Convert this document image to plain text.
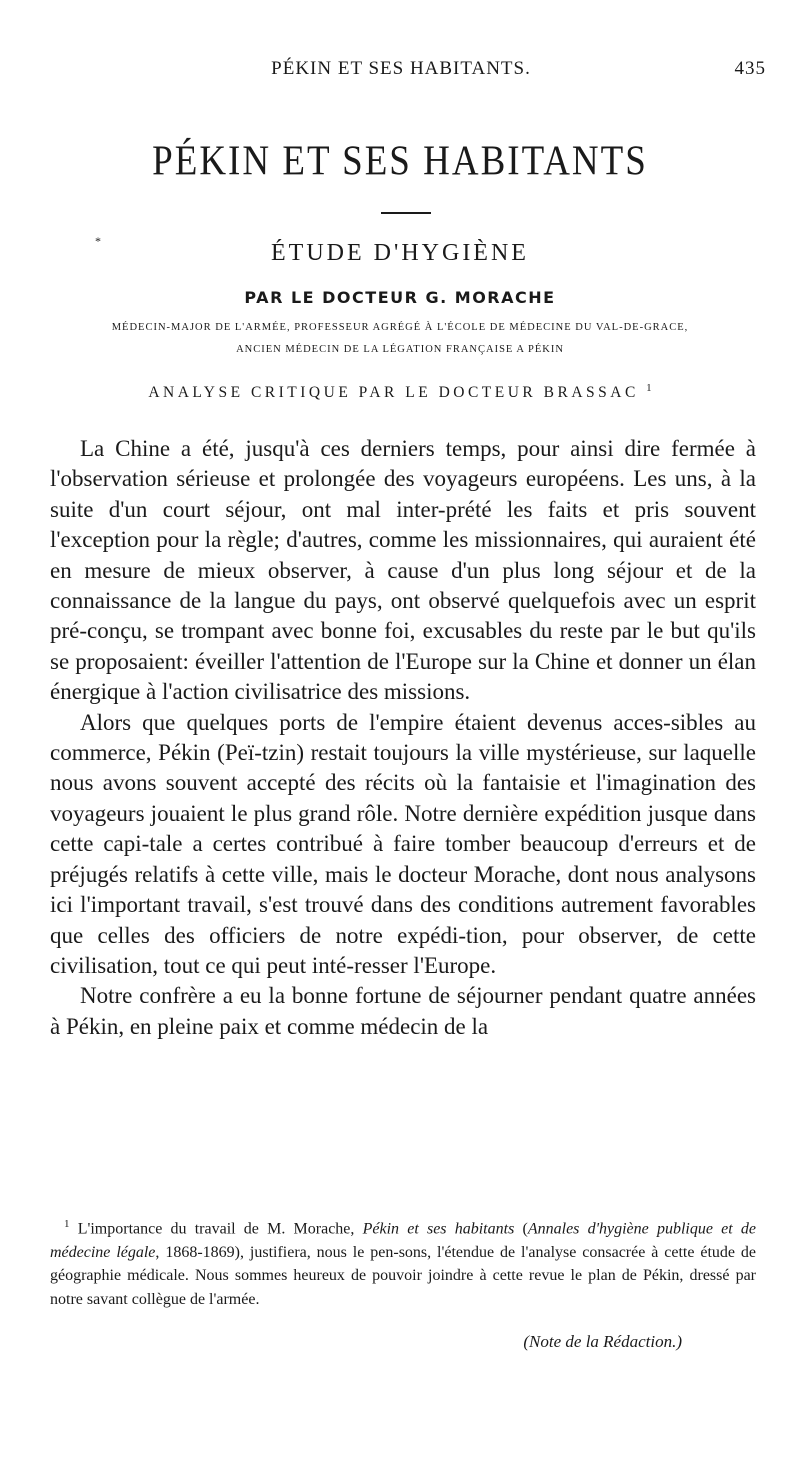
PÉKIN ET SES HABITANTS.	435
PÉKIN ET SES HABITANTS
*	ÉTUDE D'HYGIÈNE
PAR LE DOCTEUR G. MORACHE
MÉDECIN-MAJOR DE L'ARMÉE, PROFESSEUR AGRÉGÉ À L'ÉCOLE DE MÉDECINE DU VAL-DE-GRACE,
ANCIEN MÉDECIN DE LA LÉGATION FRANÇAISE A PÉKIN
ANALYSE CRITIQUE PAR LE DOCTEUR BRASSAC $^1$

La Chine a été, jusqu'à ces derniers temps, pour ainsi dire fermée à l'observation sérieuse et prolongée des voyageurs européens. Les uns, à la suite d'un court séjour, ont mal inter-prété les faits et pris souvent l'exception pour la règle; d'autres, comme les missionnaires, qui auraient été en mesure de mieux observer, à cause d'un plus long séjour et de la connaissance de la langue du pays, ont observé quelquefois avec un esprit pré-conçu, se trompant avec bonne foi, excusables du reste par le but qu'ils se proposaient: éveiller l'attention de l'Europe sur la Chine et donner un élan énergique à l'action civilisatrice des missions.

Alors que quelques ports de l'empire étaient devenus acces-sibles au commerce, Pékin (Peï-tzin) restait toujours la ville mystérieuse, sur laquelle nous avons souvent accepté des récits où la fantaisie et l'imagination des voyageurs jouaient le plus grand rôle. Notre dernière expédition jusque dans cette capi-tale a certes contribué à faire tomber beaucoup d'erreurs et de préjugés relatifs à cette ville, mais le docteur Morache, dont nous analysons ici l'important travail, s'est trouvé dans des conditions autrement favorables que celles des officiers de notre expédi-tion, pour observer, de cette civilisation, tout ce qui peut inté-resser l'Europe.

Notre confrère a eu la bonne fortune de séjourner pendant quatre années à Pékin, en pleine paix et comme médecin de la

$^1$ L'importance du travail de M. Morache, Pékin et ses habitants (Annales d'hygiène publique et de médecine légale, 1868-1869), justifiera, nous le pen-sons, l'étendue de l'analyse consacrée à cette étude de géographie médicale. Nous sommes heureux de pouvoir joindre à cette revue le plan de Pékin, dressé par notre savant collègue de l'armée.

(Note de la Rédaction.)
